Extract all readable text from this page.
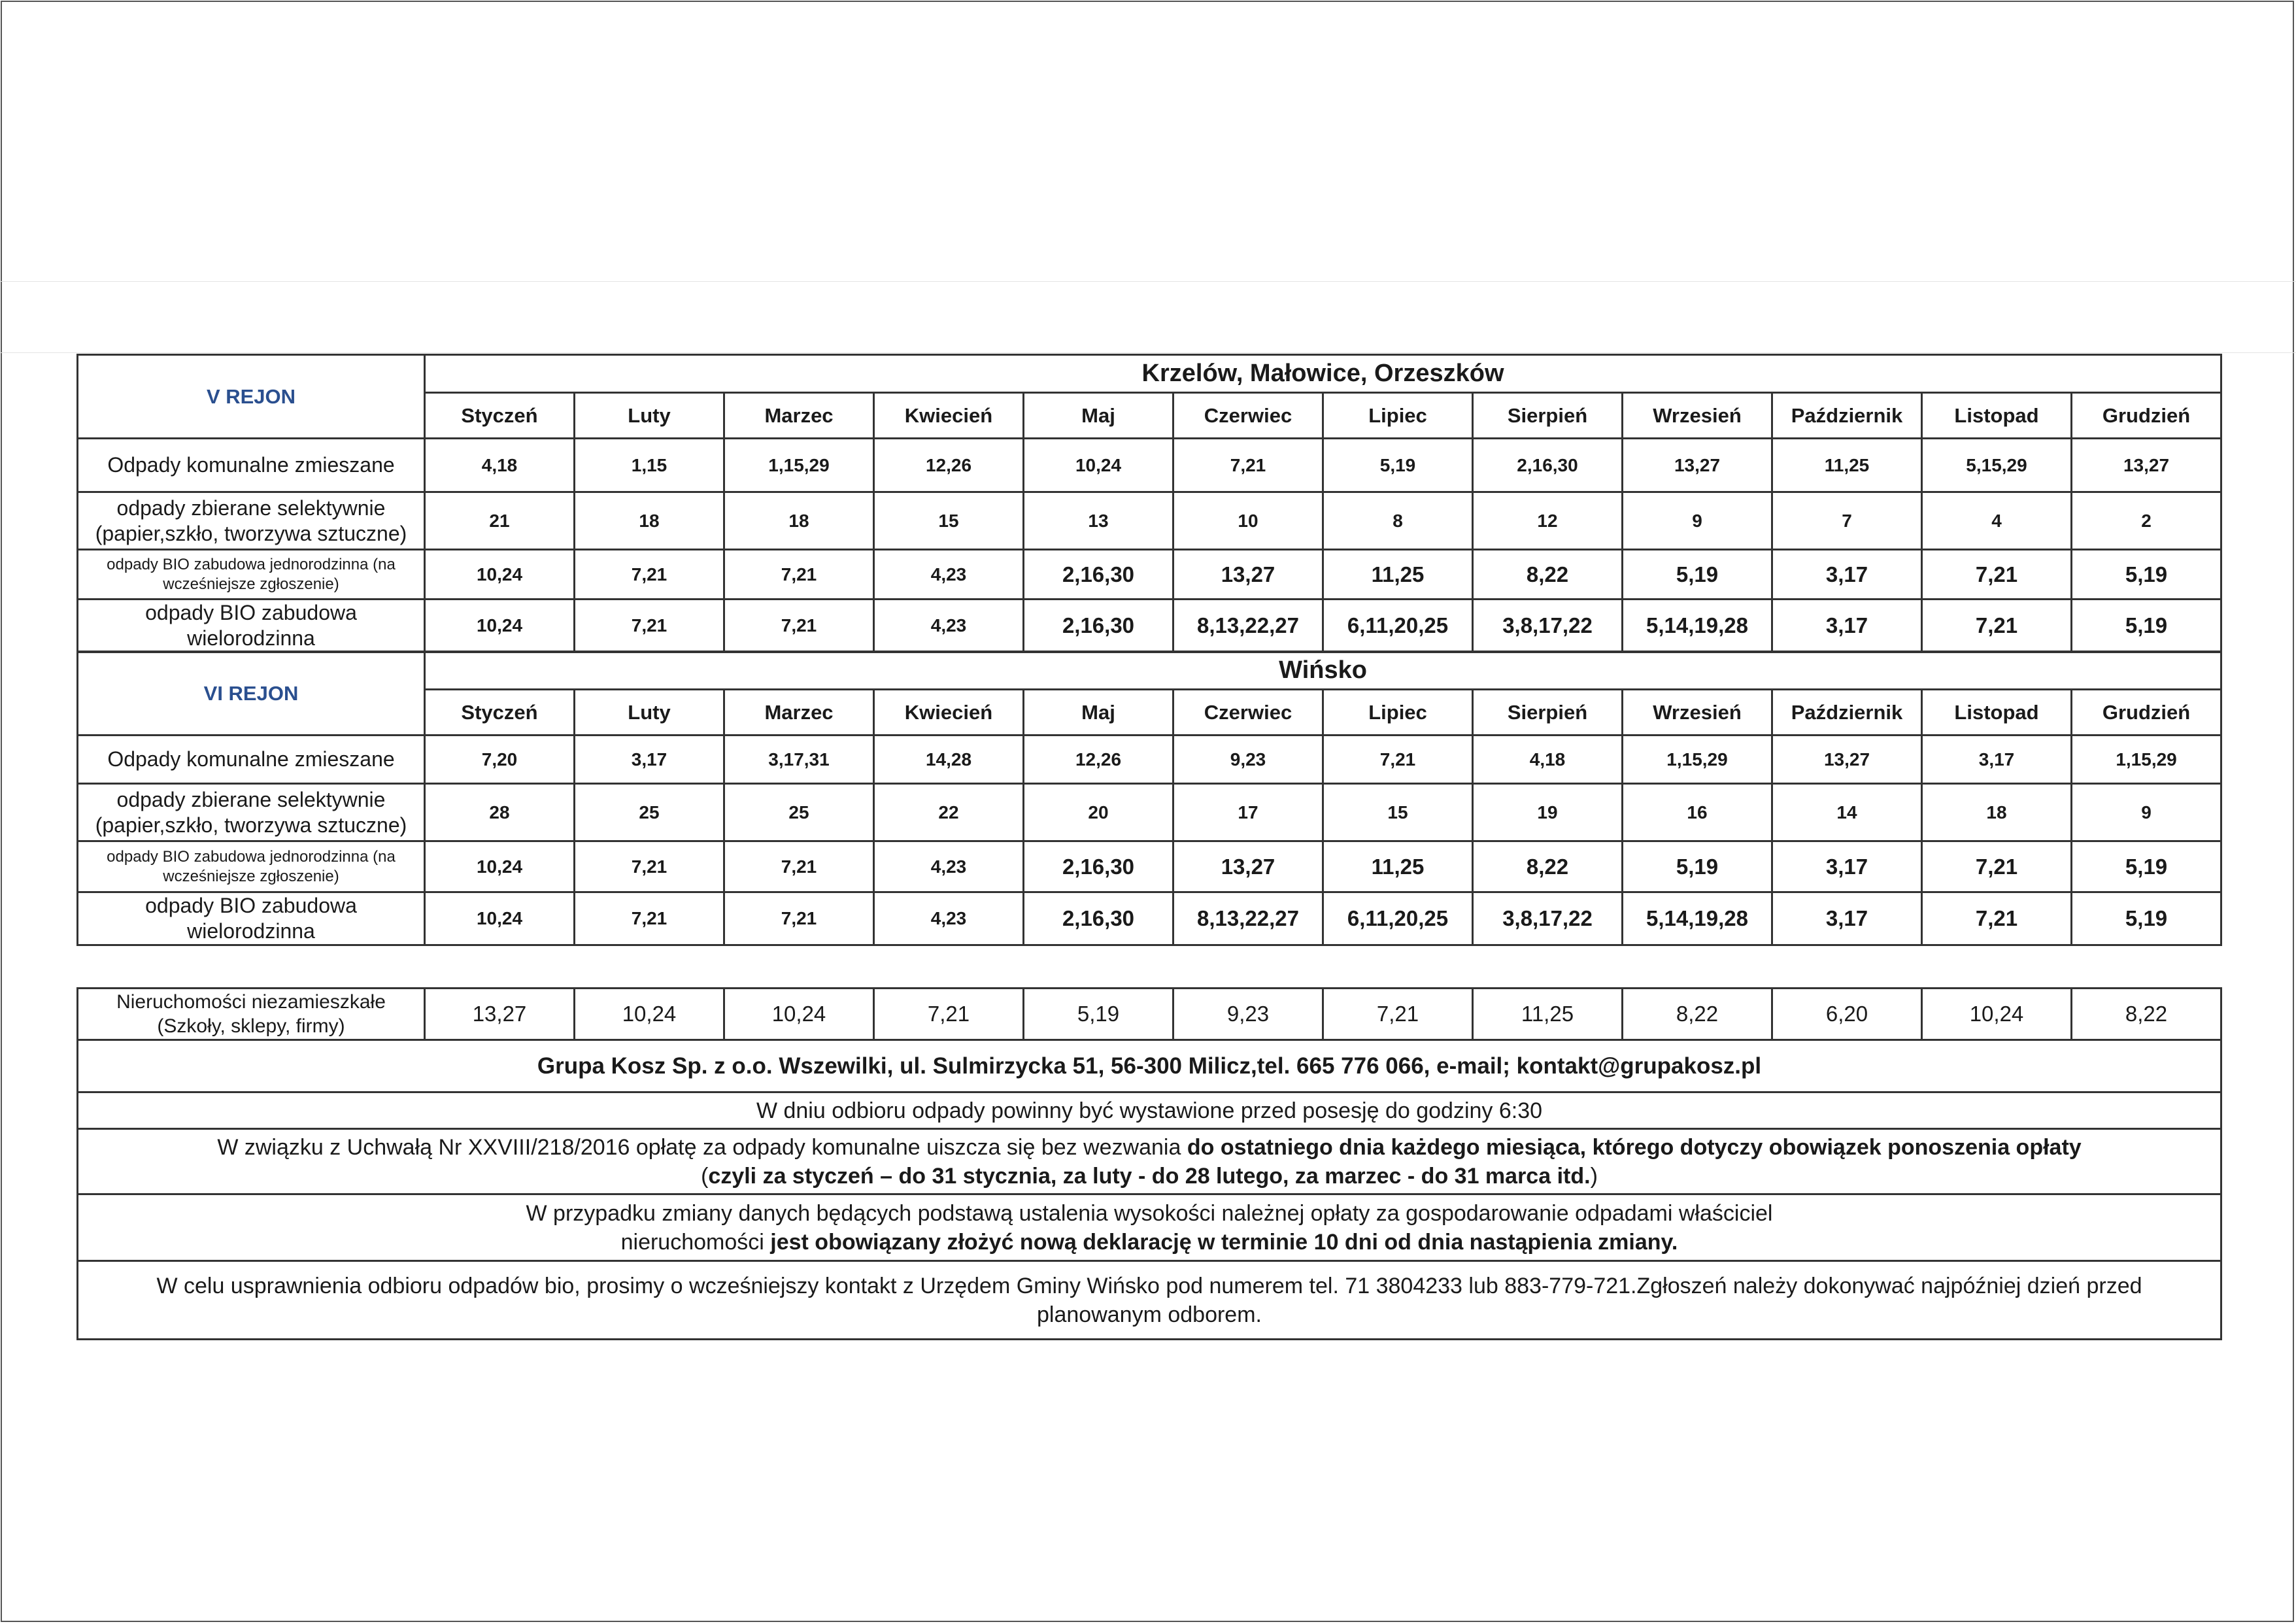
V REJON	Krzelów, Małowice, Orzeszków											
	Styczeń	Luty	Marzec	Kwiecień	Maj	Czerwiec	Lipiec	Sierpień	Wrzesień	Październik	Listopad	Grudzień
Odpady komunalne zmieszane	4,18	1,15	1,15,29	12,26	10,24	7,21	5,19	2,16,30	13,27	11,25	5,15,29	13,27
odpady zbierane selektywnie
(papier,szkło, tworzywa sztuczne)	21	18	18	15	13	10	8	12	9	7	4	2
odpady BIO zabudowa jednorodzinna (na
wcześniejsze zgłoszenie)	10,24	7,21	7,21	4,23	2,16,30	13,27	11,25	8,22	5,19	3,17	7,21	5,19
odpady BIO zabudowa
wielorodzinna	10,24	7,21	7,21	4,23	2,16,30	8,13,22,27	6,11,20,25	3,8,17,22	5,14,19,28	3,17	7,21	5,19
VI REJON	Wińsko											
	Styczeń	Luty	Marzec	Kwiecień	Maj	Czerwiec	Lipiec	Sierpień	Wrzesień	Październik	Listopad	Grudzień
Odpady komunalne zmieszane	7,20	3,17	3,17,31	14,28	12,26	9,23	7,21	4,18	1,15,29	13,27	3,17	1,15,29
odpady zbierane selektywnie
(papier,szkło, tworzywa sztuczne)	28	25	25	22	20	17	15	19	16	14	18	9
odpady BIO zabudowa jednorodzinna (na
wcześniejsze zgłoszenie)	10,24	7,21	7,21	4,23	2,16,30	13,27	11,25	8,22	5,19	3,17	7,21	5,19
odpady BIO zabudowa
wielorodzinna	10,24	7,21	7,21	4,23	2,16,30	8,13,22,27	6,11,20,25	3,8,17,22	5,14,19,28	3,17	7,21	5,19
Nieruchomości niezamieszkałe
(Szkoły, sklepy, firmy)	13,27	10,24	10,24	7,21	5,19	9,23	7,21	11,25	8,22	6,20	10,24	8,22
Grupa Kosz Sp. z o.o. Wszewilki, ul. Sulmirzycka 51, 56-300 Milicz,tel. 665 776 066, e-mail; kontakt@grupakosz.pl
W dniu odbioru odpady powinny być wystawione przed posesję do godziny 6:30
W związku z Uchwałą Nr XXVIII/218/2016 opłatę za odpady komunalne uiszcza się bez wezwania do ostatniego dnia każdego miesiąca, którego dotyczy obowiązek ponoszenia opłaty
(czyli za styczeń – do 31 stycznia, za luty - do 28 lutego, za marzec - do 31 marca itd.)
W przypadku zmiany danych będących podstawą ustalenia wysokości należnej opłaty za gospodarowanie odpadami właściciel
nieruchomości jest obowiązany złożyć nową deklarację w terminie 10 dni od dnia nastąpienia zmiany.
W celu usprawnienia odbioru odpadów bio, prosimy o wcześniejszy kontakt z Urzędem Gminy Wińsko pod numerem tel. 71 3804233 lub 883-779-721.Zgłoszeń należy dokonywać najpóźniej dzień przed
planowanym odborem.
